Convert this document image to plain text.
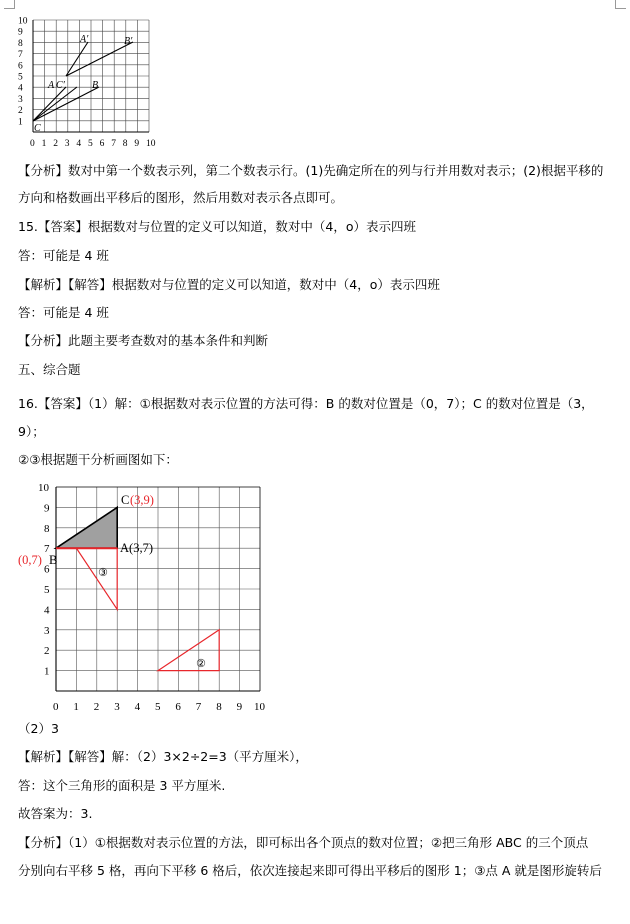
10
9
8
7
6
5
4
3
2
1
0 1 2 3 4 5 6 7 8 9 10
A′	B′
A C′	B
C
【分析】数对中第一个数表示列，第二个数表示行。(1)先确定所在的列与行并用数对表示；(2)根据平移的
方向和格数画出平移后的图形，然后用数对表示各点即可。
15.【答案】根据数对与位置的定义可以知道，数对中（4，o）表示四班
答：可能是 4 班
【解析】【解答】根据数对与位置的定义可以知道，数对中（4，o）表示四班
答：可能是 4 班
【分析】此题主要考查数对的基本条件和判断
五、综合题
16.【答案】（1）解：①根据数对表示位置的方法可得：B 的数对位置是（0，7）；C 的数对位置是（3，
9）；
②③根据题干分析画图如下：
10
9
8
7
6
5
4
3
2
1
0 1 2 3 4 5 6 7 8 9 10
C (3,9)
A(3,7)
(0,7) B
③
②
（2）3
【解析】【解答】解：（2）3×2÷2=3（平方厘米），
答：这个三角形的面积是 3 平方厘米.
故答案为：3.
【分析】（1）①根据数对表示位置的方法，即可标出各个顶点的数对位置；②把三角形 ABC 的三个顶点
分别向右平移 5 格，再向下平移 6 格后，依次连接起来即可得出平移后的图形 1；③点 A 就是图形旋转后
